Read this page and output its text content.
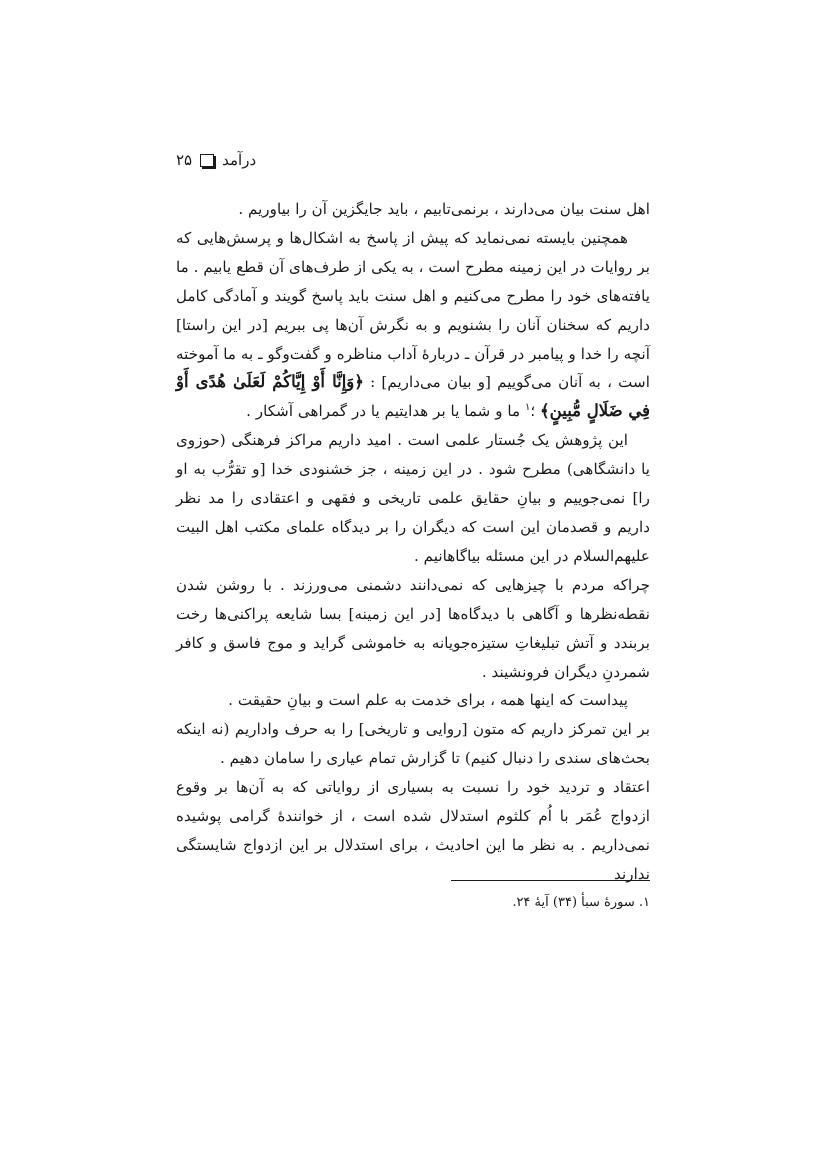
درآمد
۲۵

اهل سنت بیان می‌دارند ، برنمی‌تابیم ، باید جایگزین آن را بیاوریم .

همچنین بایسته نمی‌نماید که پیش از پاسخ به اشکال‌ها و پرسش‌هایی که بر روایات در این زمینه مطرح است ، به یکی از طرف‌های آن قطع یابیم . ما یافته‌های خود را مطرح می‌کنیم و اهل سنت باید پاسخ گویند و آمادگی کامل داریم که سخنان آنان را بشنویم و به نگرش آن‌ها پی ببریم [در این راستا] آنچه را خدا و پیامبر در قرآن ـ دربارهٔ آداب مناظره و گفت‌وگو ـ به ما آموخته است ، به آنان می‌گوییم [و بیان می‌داریم] : ﴿وَإِنَّا أَوْ إِيَّاكُمْ لَعَلَىٰ هُدًى أَوْ فِي ضَلَالٍ مُّبِينٍ﴾ ؛$^۱$ ما و شما یا بر هدایتیم یا در گمراهی آشکار .

این پژوهش یک جُستار علمی است . امید داریم مراکز فرهنگی (حوزوی یا دانشگاهی) مطرح شود . در این زمینه ، جز خشنودی خدا [و تقرُّب به او را] نمی‌جوییم و بیانِ حقایق علمی تاریخی و فقهی و اعتقادی را مد نظر داریم و قصدمان این است که دیگران را بر دیدگاه علمای مکتب اهل البیت علیهم‌السلام در این مسئله بیاگاهانیم .

چراکه مردم با چیزهایی که نمی‌دانند دشمنی می‌ورزند . با روشن شدن نقطه‌نظرها و آگاهی با دیدگاه‌ها [در این زمینه] بسا شایعه پراکنی‌ها رخت بربندد و آتش تبلیغاتِ ستیزه‌جویانه به خاموشی گراید و موج فاسق و کافر شمردنِ دیگران فرونشیند .

پیداست که اینها همه ، برای خدمت به علم است و بیانِ حقیقت .

بر این تمرکز داریم که متون [روایی و تاریخی] را به حرف واداریم (نه اینکه بحث‌های سندی را دنبال کنیم) تا گزارش تمام عیاری را سامان دهیم .

اعتقاد و تردید خود را نسبت به بسیاری از روایاتی که به آن‌ها بر وقوع ازدواج عُمَر با اُم کلثوم استدلال شده است ، از خوانندهٔ گرامی پوشیده نمی‌داریم . به نظر ما این احادیث ، برای استدلال بر این ازدواج شایستگی ندارند

۱. سورهٔ سبأ (۳۴) آیهٔ ۲۴.
